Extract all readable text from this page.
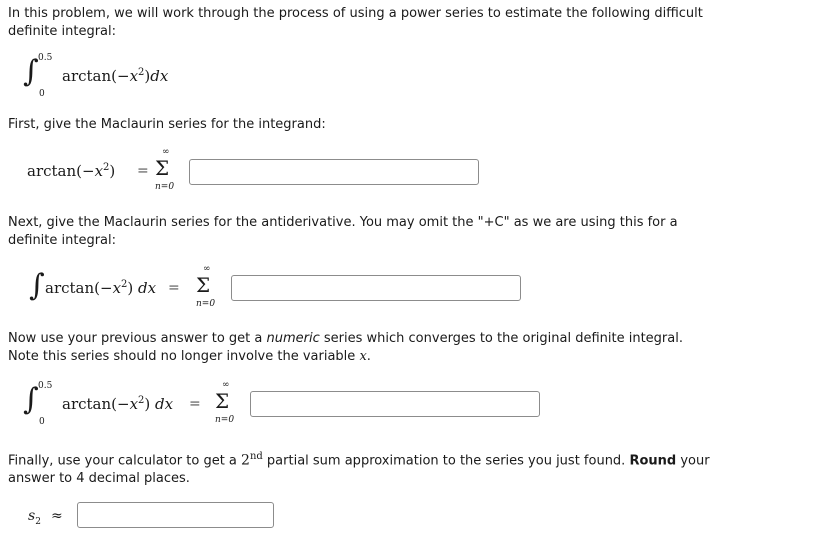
In this problem, we will work through the process of using a power series to estimate the following difficult
definite integral:
∫ 0.5
0
$\arctan(-x^2)dx$
First, give the Maclaurin series for the integrand:
$\arctan(-x^2)$ =
∞
Σ
n=0
Next, give the Maclaurin series for the antiderivative. You may omit the "+C" as we are using this for a
definite integral:
∫ $\arctan(-x^2)$ dx =
∞
Σ
n=0
Now use your previous answer to get a numeric series which converges to the original definite integral.
Note this series should no longer involve the variable x.
∫ 0.5
0
$\arctan(-x^2)$ dx =
∞
Σ
n=0
Finally, use your calculator to get a 2nd partial sum approximation to the series you just found. Round your
answer to 4 decimal places.
$s_2$ ≈
